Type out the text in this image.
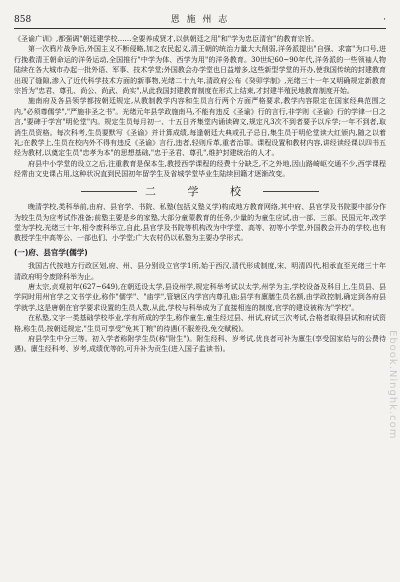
858	恩 施 州 志	·

《圣谕广训》,都强调"朝廷建学校……全要养成贤才,以供朝廷之用"和"学为忠臣清官"的教育宗旨。

第一次鸦片战争后,外国主义不断侵略,加之农民起义,清王朝的统治力量大大削弱,洋务派提出"自强、求富"为口号,进行挽救清王朝命运的洋务运动,全国推行"中学为体、西学为用"的洋务教育。30世纪60~90年代,洋务派的一些领袖人物陆续在各大城市办起一批外语、军事、技术学堂;外国教会办学堂也日益增多,这些新型学堂的开办,使我国传统的封建教育出现了缝隙,渗入了近代科学技术方面的新事物,光绪二十九年,清政府公布《癸卯学制》,光绪三十一年又明确规定新教育宗旨为"忠君、尊孔、尚公、尚武、尚实",从此我国封建教育制度在形式上结束,才封建半殖民地教育制度开始。

施南府及各县领学都按朝廷规定,从教制教学内容和生员言行两个方面严格要求,教学内容限定在国家经典范围之内,"必须尊儒学","严施非圣之书"。光绪元年县学政施南马,不能有违反《圣谕》行的言行,非学则《圣谕》行的学律一日之言,"要碑于学宫"明伦堂"内。规定生员每月初一、十五日齐集堂内诵读碑文,规定凡3次不到者要予以斥学;一年不到者,取消生员资格。每次科考,生员要默写《圣谕》并计算成绩,每逢朝廷大典或孔子忌日,集生员于明伦堂读大红颁内,随之以着礼;在教学上,生员在校内外不得有违反《圣谕》言行,违者,轻则斥革,重者治罪。课程设置和教材内容,讲经读经课以四书五经为教材,以奠定生员"忠孝为本"的思想基础,"忠于圣君、尊孔",维护封建统治的人才。

府县中小学堂的设立之后,注重教育是保本生,教授西学课程的经费十分缺乏,不之外地,因山路崎岖交通不少,西学课程经常由文史课占用,这种状况直到民国初年留学生及省城学堂毕业生陆续回籍才逐渐改变。

二 学 校

晚清学校,类科举前,由府、县官学、书院、私塾(包括义塾义学)构成地方教育网络,其中府、县官学及书院要中部分作为较生员为应考试作准备;前塾主要是乡的家塾,大部分童蒙教育的任务,少量的为童生应试,由一部、三部。民国元年,改学堂为学校,光绪三十年,相令废科举立,自此,县官学及书院等机构改为中学堂、高等、初等小学堂,外国教会开办的学校,也有教授学生中高等公、一部也们、小学堂;广大农村仍以私塾为主要办学形式。

(一)府、县官学(儒学)

我国古代按地方行政区划,府、州、县分别设立官学1所,始于西汉,清代形成制度,宋、明清四代,相承直至光绪三十年清政府明令废除科举为止。

唐太宗,贞观初年(627~649),在朝廷设太学,县设州学,规定科举考试以太学,州学为主,学校设备及科目上,生员县、县学同时用州官学之文书学业,称作"儒学"、"庙学",管辖区内学宫内尊孔庙;县学有廪膳生员名额,由学政控制,确定到各府县学就学,这是唐朝在官学要求设置的生员人数,从此,学校与科举成为了直接相连的制度,官学的建设被称为"学校"。

在私塾,文字一类基础学校毕业,学有所成的学生,称作童生,童生经过县、州试,府试三次考试,合格者取得县试和府试资格,称生员,按朝廷规定,"生员可享受"免其丁粮"的待遇(不服差役,免交赋税)。

府县学生中分三等。初入学者称附学生员(称"附生")。附生经科、岁考试,优良者可补为廪生(享受国家给与的公费待遇)。廪生经科考、岁考,成绩优等的,可升补为贡生(进入国子监读书)。	Ebook.Ninghk.com
